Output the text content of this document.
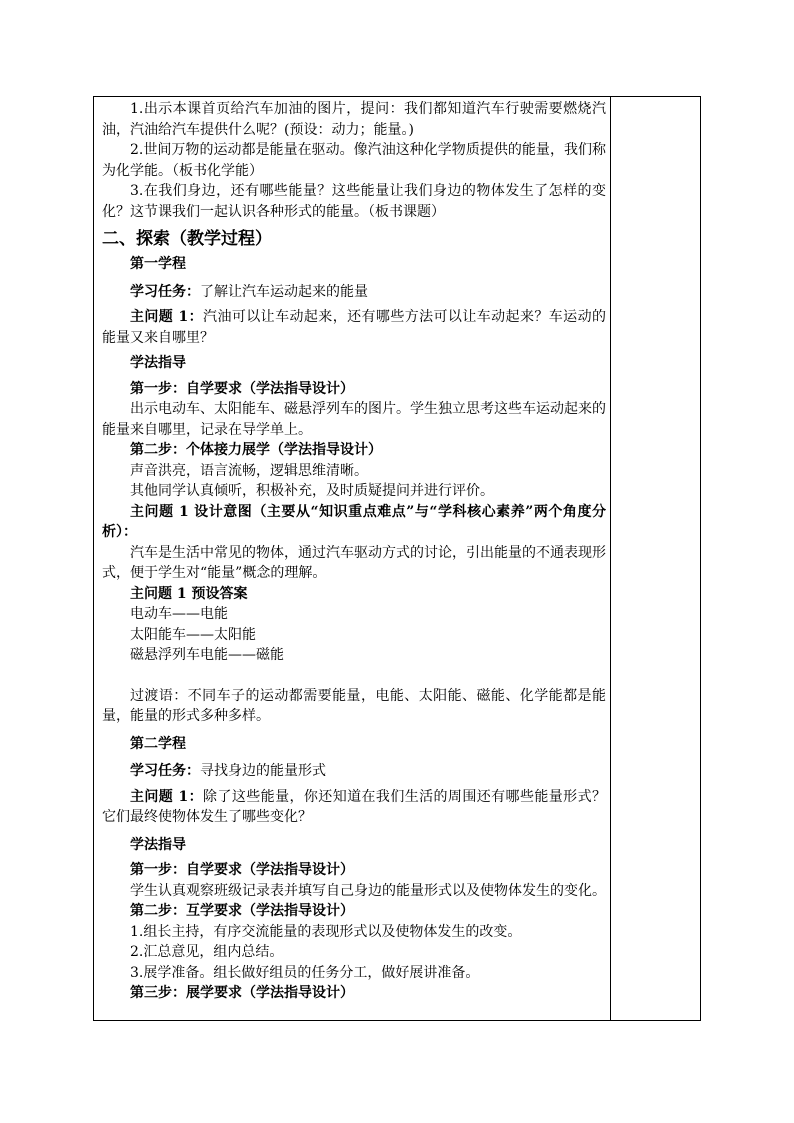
1.出示本课首页给汽车加油的图片，提问：我们都知道汽车行驶需要燃烧汽油，汽油给汽车提供什么呢？(预设：动力；能量。)

2.世间万物的运动都是能量在驱动。像汽油这种化学物质提供的能量，我们称为化学能。（板书化学能）

3.在我们身边，还有哪些能量？这些能量让我们身边的物体发生了怎样的变化？这节课我们一起认识各种形式的能量。（板书课题）

二、探索（教学过程）

第一学程

学习任务：了解让汽车运动起来的能量

主问题 1：汽油可以让车动起来，还有哪些方法可以让车动起来？车运动的能量又来自哪里？

学法指导

第一步：自学要求（学法指导设计）

出示电动车、太阳能车、磁悬浮列车的图片。学生独立思考这些车运动起来的能量来自哪里，记录在导学单上。

第二步：个体接力展学（学法指导设计）

声音洪亮，语言流畅，逻辑思维清晰。

其他同学认真倾听，积极补充，及时质疑提问并进行评价。

主问题 1 设计意图（主要从“知识重点难点”与“学科核心素养”两个角度分析）：

汽车是生活中常见的物体，通过汽车驱动方式的讨论，引出能量的不通表现形式，便于学生对“能量”概念的理解。

主问题 1 预设答案

电动车——电能

太阳能车——太阳能

磁悬浮列车电能——磁能

过渡语：不同车子的运动都需要能量，电能、太阳能、磁能、化学能都是能量，能量的形式多种多样。

第二学程

学习任务：寻找身边的能量形式

主问题 1：除了这些能量，你还知道在我们生活的周围还有哪些能量形式？它们最终使物体发生了哪些变化？

学法指导

第一步：自学要求（学法指导设计）

学生认真观察班级记录表并填写自己身边的能量形式以及使物体发生的变化。

第二步：互学要求（学法指导设计）

1.组长主持，有序交流能量的表现形式以及使物体发生的改变。

2.汇总意见，组内总结。

3.展学准备。组长做好组员的任务分工，做好展讲准备。

第三步：展学要求（学法指导设计）
